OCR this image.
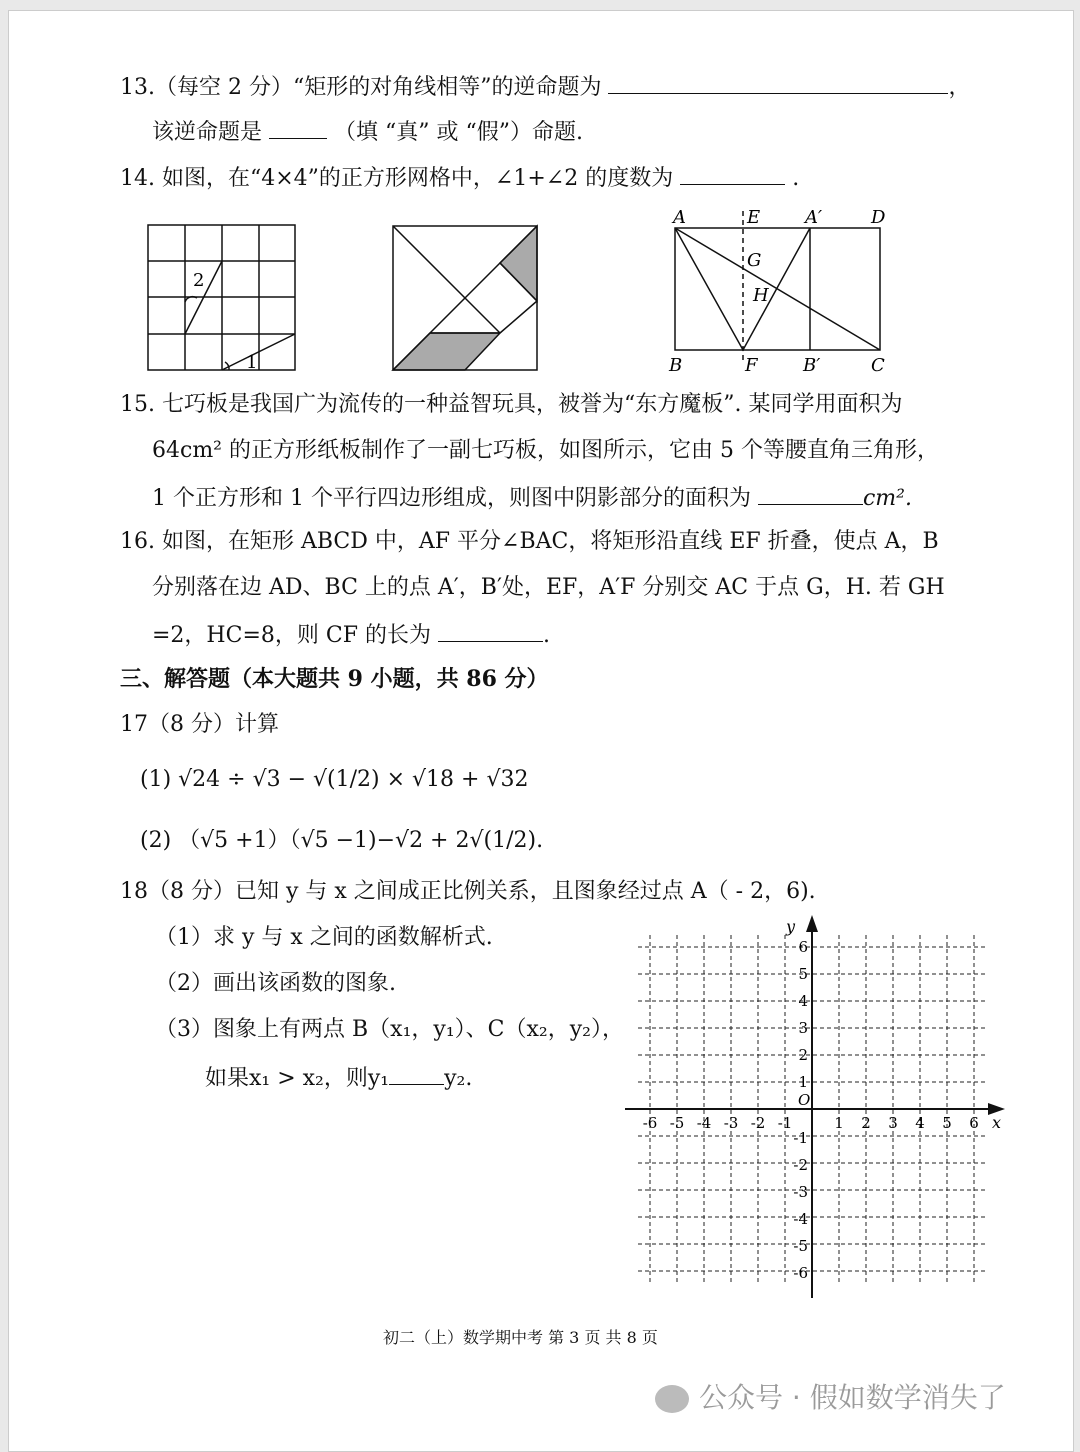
13.（每空 2 分）“矩形的对角线相等”的逆命题为	，
该逆命题是	（填 “真” 或 “假”）命题.
14. 如图，在“4×4”的正方形网格中，∠1+∠2 的度数为	.
2
1
A	E A′	D
G
H
B	F	B′	C
15. 七巧板是我国广为流传的一种益智玩具，被誉为“东方魔板”. 某同学用面积为
64cm² 的正方形纸板制作了一副七巧板，如图所示，它由 5 个等腰直角三角形，
1 个正方形和 1 个平行四边形组成，则图中阴影部分的面积为	cm².
16. 如图，在矩形 ABCD 中，AF 平分∠BAC，将矩形沿直线 EF 折叠，使点 A，B
分别落在边 AD、BC 上的点 A′，B′处，EF，A′F 分别交 AC 于点 G，H. 若 GH
=2，HC=8，则 CF 的长为	.
三、解答题（本大题共 9 小题，共 86 分）
17（8 分）计算
(1) √24 ÷ √3 − √(1/2) × √18 + √32
(2) （√5 +1）（√5 −1)−√2 + 2√(1/2).
18（8 分）已知 y 与 x 之间成正比例关系，且图象经过点 A（ - 2，6).
（1）求 y 与 x 之间的函数解析式.
（2）画出该函数的图象.
（3）图象上有两点 B（x₁，y₁）、C（x₂，y₂），
如果x₁ > x₂，则y₁	y₂.
-6
-6
-5
-5
-4
-4
-3
-3
-2
-2
-1
-1
1
1
2
2
3
3
4
4
5
5
6
6
x
y
O
初二（上）数学期中考 第 3 页 共 8 页
公众号 · 假如数学消失了
